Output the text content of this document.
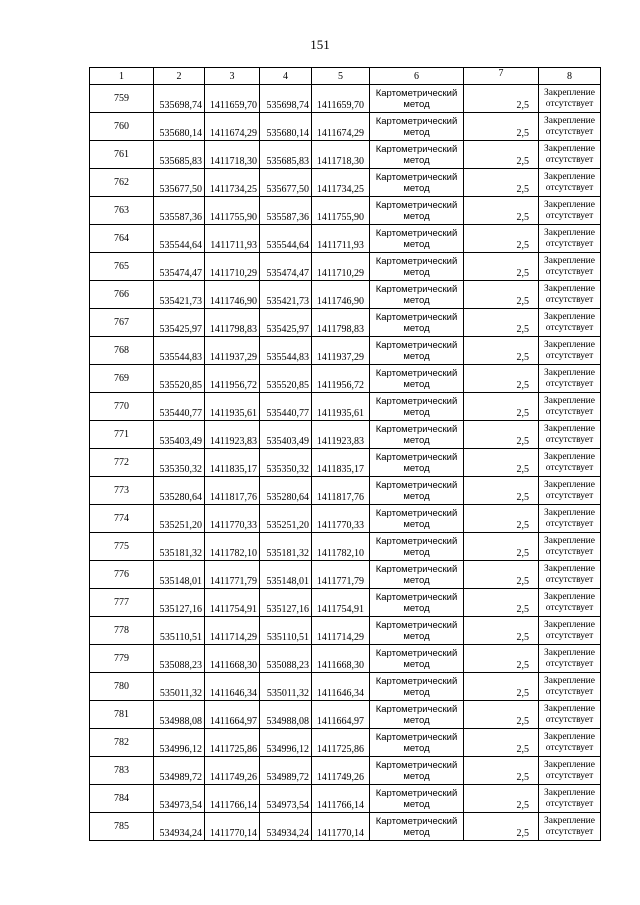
151
1	2	3	4	5	6	7	8
759	535698,74	1411659,70	535698,74	1411659,70	Картометрический
метод	2,5	Закрепление
отсутствует

760	535680,14	1411674,29	535680,14	1411674,29	Картометрический
метод	2,5	Закрепление
отсутствует

761	535685,83	1411718,30	535685,83	1411718,30	Картометрический
метод	2,5	Закрепление
отсутствует

762	535677,50	1411734,25	535677,50	1411734,25	Картометрический
метод	2,5	Закрепление
отсутствует

763	535587,36	1411755,90	535587,36	1411755,90	Картометрический
метод	2,5	Закрепление
отсутствует

764	535544,64	1411711,93	535544,64	1411711,93	Картометрический
метод	2,5	Закрепление
отсутствует

765	535474,47	1411710,29	535474,47	1411710,29	Картометрический
метод	2,5	Закрепление
отсутствует

766	535421,73	1411746,90	535421,73	1411746,90	Картометрический
метод	2,5	Закрепление
отсутствует

767	535425,97	1411798,83	535425,97	1411798,83	Картометрический
метод	2,5	Закрепление
отсутствует

768	535544,83	1411937,29	535544,83	1411937,29	Картометрический
метод	2,5	Закрепление
отсутствует

769	535520,85	1411956,72	535520,85	1411956,72	Картометрический
метод	2,5	Закрепление
отсутствует

770	535440,77	1411935,61	535440,77	1411935,61	Картометрический
метод	2,5	Закрепление
отсутствует

771	535403,49	1411923,83	535403,49	1411923,83	Картометрический
метод	2,5	Закрепление
отсутствует

772	535350,32	1411835,17	535350,32	1411835,17	Картометрический
метод	2,5	Закрепление
отсутствует

773	535280,64	1411817,76	535280,64	1411817,76	Картометрический
метод	2,5	Закрепление
отсутствует

774	535251,20	1411770,33	535251,20	1411770,33	Картометрический
метод	2,5	Закрепление
отсутствует

775	535181,32	1411782,10	535181,32	1411782,10	Картометрический
метод	2,5	Закрепление
отсутствует

776	535148,01	1411771,79	535148,01	1411771,79	Картометрический
метод	2,5	Закрепление
отсутствует

777	535127,16	1411754,91	535127,16	1411754,91	Картометрический
метод	2,5	Закрепление
отсутствует

778	535110,51	1411714,29	535110,51	1411714,29	Картометрический
метод	2,5	Закрепление
отсутствует

779	535088,23	1411668,30	535088,23	1411668,30	Картометрический
метод	2,5	Закрепление
отсутствует

780	535011,32	1411646,34	535011,32	1411646,34	Картометрический
метод	2,5	Закрепление
отсутствует

781	534988,08	1411664,97	534988,08	1411664,97	Картометрический
метод	2,5	Закрепление
отсутствует

782	534996,12	1411725,86	534996,12	1411725,86	Картометрический
метод	2,5	Закрепление
отсутствует

783	534989,72	1411749,26	534989,72	1411749,26	Картометрический
метод	2,5	Закрепление
отсутствует

784	534973,54	1411766,14	534973,54	1411766,14	Картометрический
метод	2,5	Закрепление
отсутствует

785	534934,24	1411770,14	534934,24	1411770,14	Картометрический
метод	2,5	Закрепление
отсутствует
